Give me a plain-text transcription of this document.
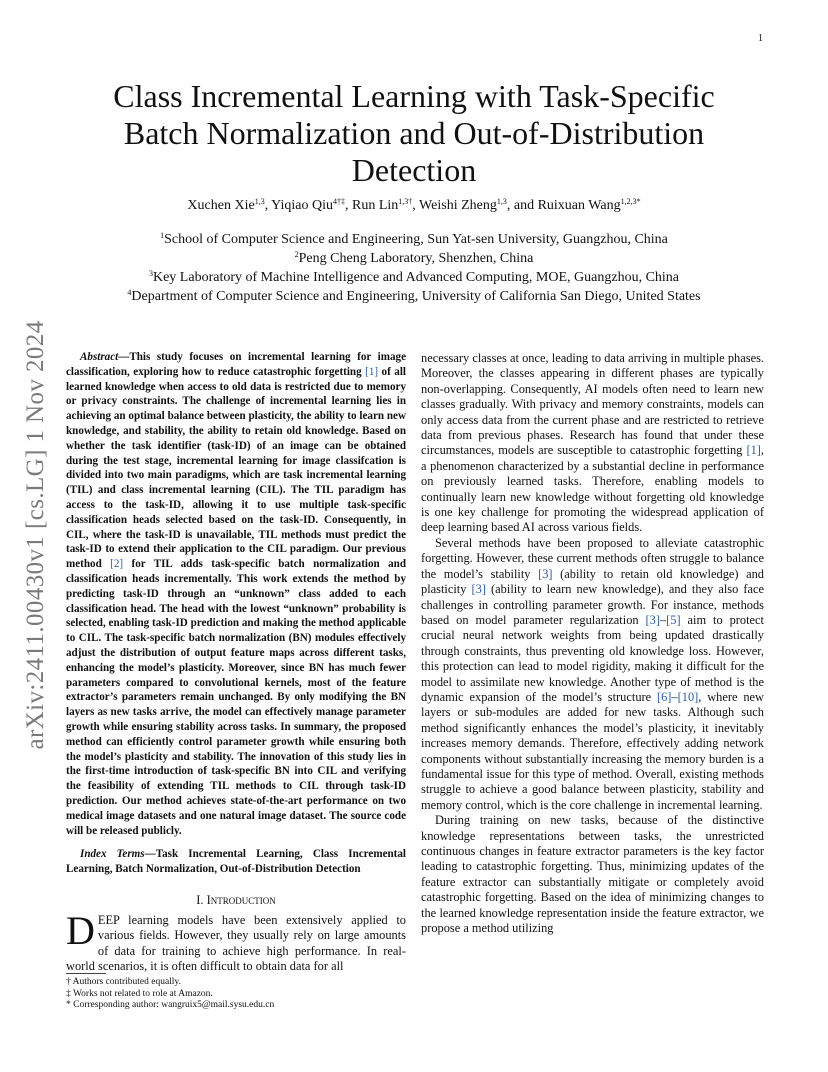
1
arXiv:2411.00430v1 [cs.LG] 1 Nov 2024
Class Incremental Learning with Task-Specific Batch Normalization and Out-of-Distribution Detection
Xuchen Xie$^{1,3}$, Yiqiao Qiu$^{4\dagger\ddagger}$, Run Lin$^{1,3\dagger}$, Weishi Zheng$^{1,3}$, and Ruixuan Wang$^{1,2,3*}$
$^1$School of Computer Science and Engineering, Sun Yat-sen University, Guangzhou, China
$^2$Peng Cheng Laboratory, Shenzhen, China
$^3$Key Laboratory of Machine Intelligence and Advanced Computing, MOE, Guangzhou, China
$^4$Department of Computer Science and Engineering, University of California San Diego, United States

Abstract—This study focuses on incremental learning for image classification, exploring how to reduce catastrophic forgetting [1] of all learned knowledge when access to old data is restricted due to memory or privacy constraints. The challenge of incremental learning lies in achieving an optimal balance between plasticity, the ability to learn new knowledge, and stability, the ability to retain old knowledge. Based on whether the task identifier (task-ID) of an image can be obtained during the test stage, incremental learning for image classifcation is divided into two main paradigms, which are task incremental learning (TIL) and class incremental learning (CIL). The TIL paradigm has access to the task-ID, allowing it to use multiple task-specific classification heads selected based on the task-ID. Consequently, in CIL, where the task-ID is unavailable, TIL methods must predict the task-ID to extend their application to the CIL paradigm. Our previous method [2] for TIL adds task-specific batch normalization and classification heads incrementally. This work extends the method by predicting task-ID through an “unknown” class added to each classification head. The head with the lowest “unknown” probability is selected, enabling task-ID prediction and making the method applicable to CIL. The task-specific batch normalization (BN) modules effectively adjust the distribution of output feature maps across different tasks, enhancing the model’s plasticity. Moreover, since BN has much fewer parameters compared to convolutional kernels, most of the feature extractor’s parameters remain unchanged. By only modifying the BN layers as new tasks arrive, the model can effectively manage parameter growth while ensuring stability across tasks. In summary, the proposed method can efficiently control parameter growth while ensuring both the model’s plasticity and stability. The innovation of this study lies in the first-time introduction of task-specific BN into CIL and verifying the feasibility of extending TIL methods to CIL through task-ID prediction. Our method achieves state-of-the-art performance on two medical image datasets and one natural image dataset. The source code will be released publicly.

Index Terms—Task Incremental Learning, Class Incremental Learning, Batch Normalization, Out-of-Distribution Detection

I. Introduction
DEEP learning models have been extensively applied to various fields. However, they usually rely on large amounts of data for training to achieve high performance. In real-world scenarios, it is often difficult to obtain data for all
† Authors contributed equally.
‡ Works not related to role at Amazon.
* Corresponding author: wangruix5@mail.sysu.edu.cn

necessary classes at once, leading to data arriving in multiple phases. Moreover, the classes appearing in different phases are typically non-overlapping. Consequently, AI models often need to learn new classes gradually. With privacy and memory constraints, models can only access data from the current phase and are restricted to retrieve data from previous phases. Research has found that under these circumstances, models are susceptible to catastrophic forgetting [1], a phenomenon characterized by a substantial decline in performance on previously learned tasks. Therefore, enabling models to continually learn new knowledge without forgetting old knowledge is one key challenge for promoting the widespread application of deep learning based AI across various fields.

Several methods have been proposed to alleviate catastrophic forgetting. However, these current methods often struggle to balance the model’s stability [3] (ability to retain old knowledge) and plasticity [3] (ability to learn new knowledge), and they also face challenges in controlling parameter growth. For instance, methods based on model parameter regularization [3]–[5] aim to protect crucial neural network weights from being updated drastically through constraints, thus preventing old knowledge loss. However, this protection can lead to model rigidity, making it difficult for the model to assimilate new knowledge. Another type of method is the dynamic expansion of the model’s structure [6]–[10], where new layers or sub-modules are added for new tasks. Although such method significantly enhances the model’s plasticity, it inevitably increases memory demands. Therefore, effectively adding network components without substantially increasing the memory burden is a fundamental issue for this type of method. Overall, existing methods struggle to achieve a good balance between plasticity, stability and memory control, which is the core challenge in incremental learning.

During training on new tasks, because of the distinctive knowledge representations between tasks, the unrestricted continuous changes in feature extractor parameters is the key factor leading to catastrophic forgetting. Thus, minimizing updates of the feature extractor can substantially mitigate or completely avoid catastrophic forgetting. Based on the idea of minimizing changes to the learned knowledge representation inside the feature extractor, we propose a method utilizing
